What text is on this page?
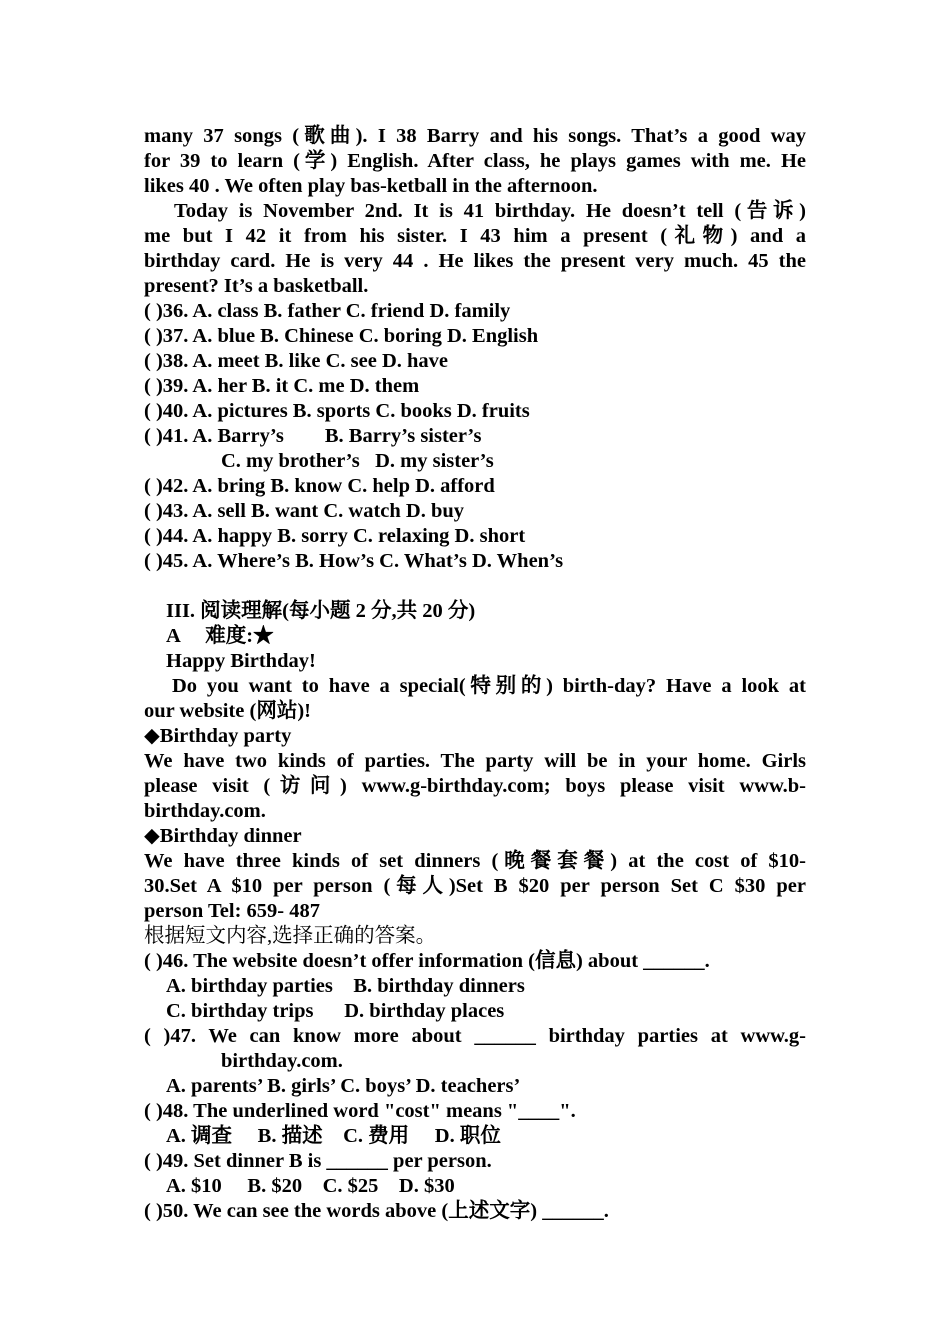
many 37 songs (歌曲). I 38 Barry and his songs. That’s a good way
for 39 to learn (学) English. After class, he plays games with me. He
likes 40 . We often play bas-ketball in the afternoon.
Today is November 2nd. It is 41 birthday. He doesn’t tell (告诉)
me but I 42 it from his sister. I 43 him a present (礼物) and a
birthday card. He is very 44 . He likes the present very much. 45 the
present? It’s a basketball.
( )36. A. class B. father C. friend D. family
( )37. A. blue B. Chinese C. boring D. English
( )38. A. meet B. like C. see D. have
( )39. A. her B. it C. me D. them
( )40. A. pictures B. sports C. books D. fruits
( )41. A. Barry’s        B. Barry’s sister’s
C. my brother’s   D. my sister’s
( )42. A. bring B. know C. help D. afford
( )43. A. sell B. want C. watch D. buy
( )44. A. happy B. sorry C. relaxing D. short
( )45. A. Where’s B. How’s C. What’s D. When’s
III. 阅读理解(每小题 2 分,共 20 分)
A     难度:★
Happy Birthday!
Do you want to have a special(特别的) birth-day? Have a look at
our website (网站)!
◆Birthday party
We have two kinds of parties. The party will be in your home. Girls
please visit (访问) www.g-birthday.com; boys please visit www.b-
birthday.com.
◆Birthday dinner
We have three kinds of set dinners (晚餐套餐) at the cost of $10-
30.Set A $10 per person (每人)Set B $20 per person Set C $30 per
person Tel: 659- 487
根据短文内容,选择正确的答案。
( )46. The website doesn’t offer information (信息) about ______.
A. birthday parties    B. birthday dinners
C. birthday trips      D. birthday places
( )47. We can know more about ______ birthday parties at www.g-
birthday.com.
A. parents’ B. girls’ C. boys’ D. teachers’
( )48. The underlined word "cost" means "____".
A. 调查     B. 描述    C. 费用     D. 职位
( )49. Set dinner B is ______ per person.
A. $10     B. $20    C. $25    D. $30
( )50. We can see the words above (上述文字) ______.
